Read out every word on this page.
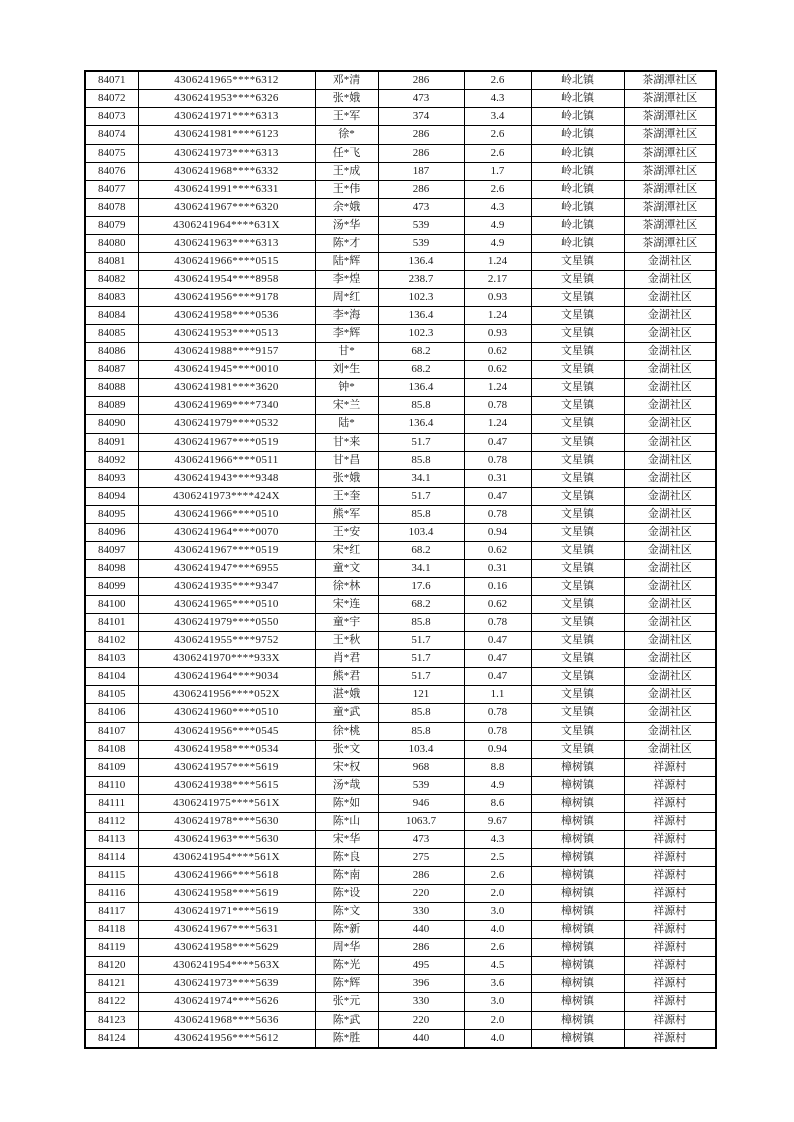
84071	4306241965****6312	邓*清	286	2.6	岭北镇	茶湖潭社区
84072	4306241953****6326	张*娥	473	4.3	岭北镇	茶湖潭社区
84073	4306241971****6313	王*军	374	3.4	岭北镇	茶湖潭社区
84074	4306241981****6123	徐*	286	2.6	岭北镇	茶湖潭社区
84075	4306241973****6313	任*飞	286	2.6	岭北镇	茶湖潭社区
84076	4306241968****6332	王*成	187	1.7	岭北镇	茶湖潭社区
84077	4306241991****6331	王*伟	286	2.6	岭北镇	茶湖潭社区
84078	4306241967****6320	余*娥	473	4.3	岭北镇	茶湖潭社区
84079	4306241964****631X	汤*华	539	4.9	岭北镇	茶湖潭社区
84080	4306241963****6313	陈*才	539	4.9	岭北镇	茶湖潭社区
84081	4306241966****0515	陆*辉	136.4	1.24	文星镇	金湖社区
84082	4306241954****8958	李*煌	238.7	2.17	文星镇	金湖社区
84083	4306241956****9178	周*红	102.3	0.93	文星镇	金湖社区
84084	4306241958****0536	李*海	136.4	1.24	文星镇	金湖社区
84085	4306241953****0513	李*辉	102.3	0.93	文星镇	金湖社区
84086	4306241988****9157	甘*	68.2	0.62	文星镇	金湖社区
84087	4306241945****0010	刘*生	68.2	0.62	文星镇	金湖社区
84088	4306241981****3620	钟*	136.4	1.24	文星镇	金湖社区
84089	4306241969****7340	宋*兰	85.8	0.78	文星镇	金湖社区
84090	4306241979****0532	陆*	136.4	1.24	文星镇	金湖社区
84091	4306241967****0519	甘*来	51.7	0.47	文星镇	金湖社区
84092	4306241966****0511	甘*昌	85.8	0.78	文星镇	金湖社区
84093	4306241943****9348	张*娥	34.1	0.31	文星镇	金湖社区
84094	4306241973****424X	王*奎	51.7	0.47	文星镇	金湖社区
84095	4306241966****0510	熊*军	85.8	0.78	文星镇	金湖社区
84096	4306241964****0070	王*安	103.4	0.94	文星镇	金湖社区
84097	4306241967****0519	宋*红	68.2	0.62	文星镇	金湖社区
84098	4306241947****6955	童*文	34.1	0.31	文星镇	金湖社区
84099	4306241935****9347	徐*林	17.6	0.16	文星镇	金湖社区
84100	4306241965****0510	宋*连	68.2	0.62	文星镇	金湖社区
84101	4306241979****0550	童*宇	85.8	0.78	文星镇	金湖社区
84102	4306241955****9752	王*秋	51.7	0.47	文星镇	金湖社区
84103	4306241970****933X	肖*君	51.7	0.47	文星镇	金湖社区
84104	4306241964****9034	熊*君	51.7	0.47	文星镇	金湖社区
84105	4306241956****052X	湛*娥	121	1.1	文星镇	金湖社区
84106	4306241960****0510	童*武	85.8	0.78	文星镇	金湖社区
84107	4306241956****0545	徐*桃	85.8	0.78	文星镇	金湖社区
84108	4306241958****0534	张*文	103.4	0.94	文星镇	金湖社区
84109	4306241957****5619	宋*权	968	8.8	樟树镇	祥源村
84110	4306241938****5615	汤*哉	539	4.9	樟树镇	祥源村
84111	4306241975****561X	陈*如	946	8.6	樟树镇	祥源村
84112	4306241978****5630	陈*山	1063.7	9.67	樟树镇	祥源村
84113	4306241963****5630	宋*华	473	4.3	樟树镇	祥源村
84114	4306241954****561X	陈*良	275	2.5	樟树镇	祥源村
84115	4306241966****5618	陈*南	286	2.6	樟树镇	祥源村
84116	4306241958****5619	陈*设	220	2.0	樟树镇	祥源村
84117	4306241971****5619	陈*文	330	3.0	樟树镇	祥源村
84118	4306241967****5631	陈*新	440	4.0	樟树镇	祥源村
84119	4306241958****5629	周*华	286	2.6	樟树镇	祥源村
84120	4306241954****563X	陈*光	495	4.5	樟树镇	祥源村
84121	4306241973****5639	陈*辉	396	3.6	樟树镇	祥源村
84122	4306241974****5626	张*元	330	3.0	樟树镇	祥源村
84123	4306241968****5636	陈*武	220	2.0	樟树镇	祥源村
84124	4306241956****5612	陈*胜	440	4.0	樟树镇	祥源村
